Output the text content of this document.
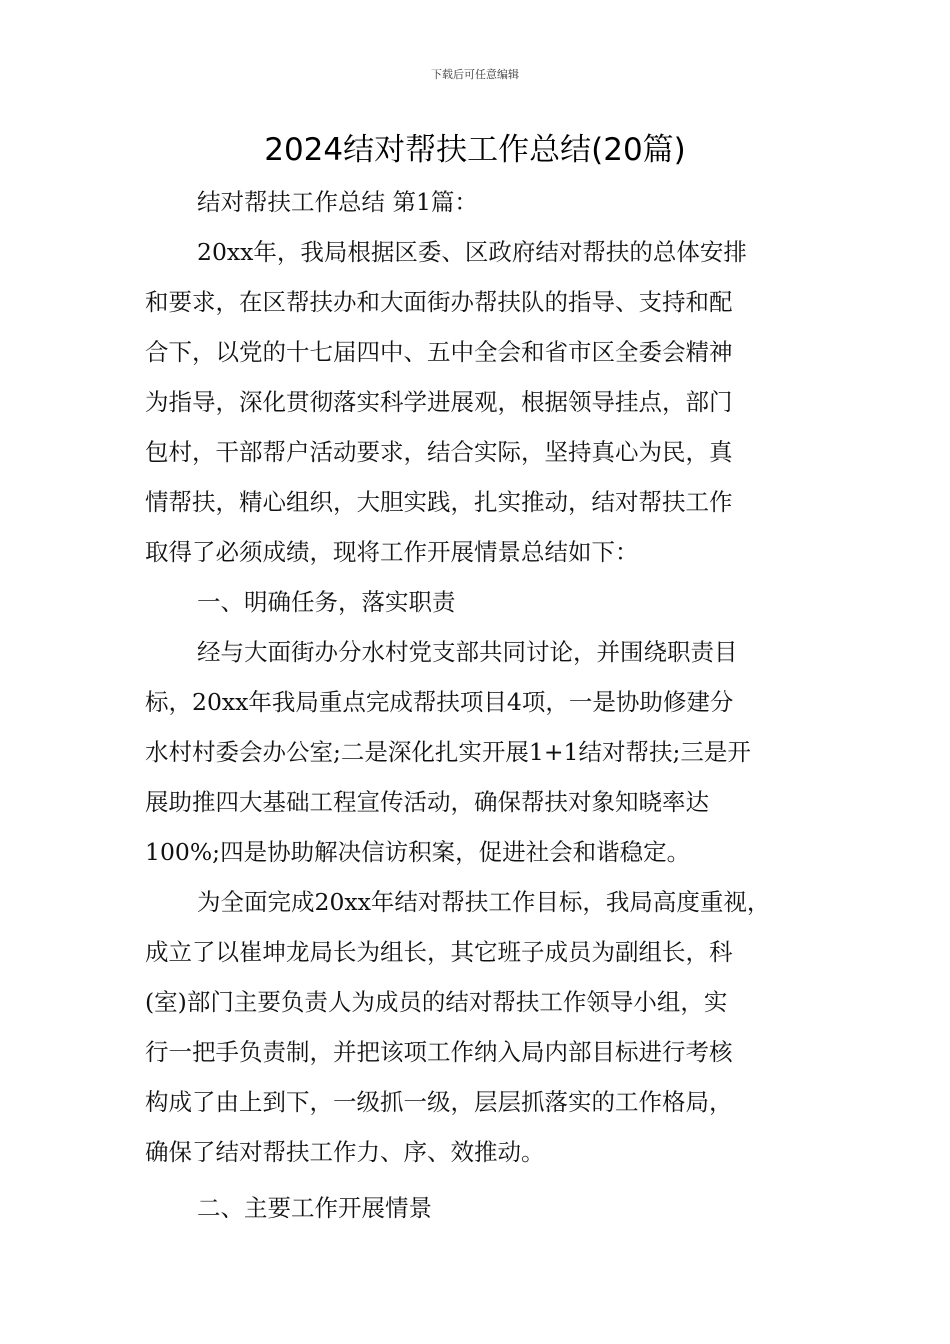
下载后可任意编辑
2024结对帮扶工作总结(20篇)
结对帮扶工作总结 第1篇：
20xx年，我局根据区委、区政府结对帮扶的总体安排
和要求，在区帮扶办和大面街办帮扶队的指导、支持和配
合下，以党的十七届四中、五中全会和省市区全委会精神
为指导，深化贯彻落实科学进展观，根据领导挂点，部门
包村，干部帮户活动要求，结合实际，坚持真心为民，真
情帮扶，精心组织，大胆实践，扎实推动，结对帮扶工作
取得了必须成绩，现将工作开展情景总结如下：
一、明确任务，落实职责
经与大面街办分水村党支部共同讨论，并围绕职责目
标，20xx年我局重点完成帮扶项目4项，一是协助修建分
水村村委会办公室;二是深化扎实开展1+1结对帮扶;三是开
展助推四大基础工程宣传活动，确保帮扶对象知晓率达
100%;四是协助解决信访积案，促进社会和谐稳定。
为全面完成20xx年结对帮扶工作目标，我局高度重视，
成立了以崔坤龙局长为组长，其它班子成员为副组长，科
(室)部门主要负责人为成员的结对帮扶工作领导小组，实
行一把手负责制，并把该项工作纳入局内部目标进行考核
构成了由上到下，一级抓一级，层层抓落实的工作格局，
确保了结对帮扶工作力、序、效推动。
二、主要工作开展情景
